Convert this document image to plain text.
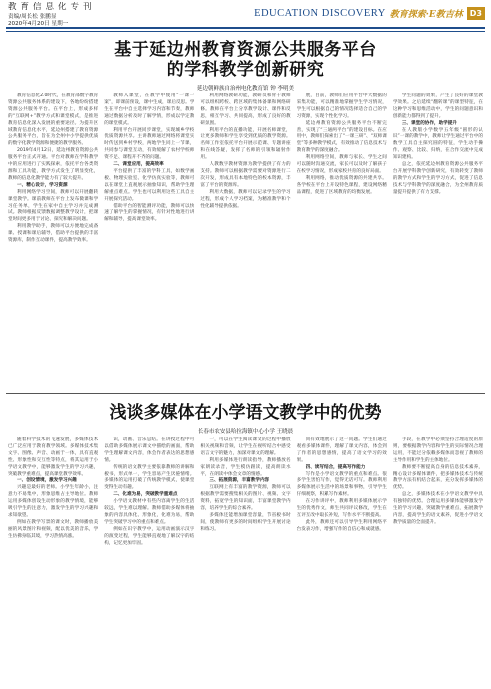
教育信息化专刊
责编/周长松 张鹏显
2020年4月20日 星期一
EDUCATION DISCOVERY 教育探索·E教吉林 D3
基于延边州教育资源公共服务平台
的学科教学创新研究
延边朝鲜族自治州电化教育馆 钟 李明美

教育信息化2.0时代，在教育部数字教育资源公共服务体系的建设下，各地纷纷搭建资源公共服务平台。在平台上，形成多样的“互联网+”教学方式和课堂模式，是推进教育信息化深入发展的重要途径。为提升区域教育信息化水平，延边州搭建了教育资源公共服务平台，旨在为全州中小学提供优质的数字化教学资源和便捷的教学服务。

2019年4月12日，延边州教育资源公共服务平台正式开通。平台对教师在学科教学中的应用进行了实践探索，依托平台各类资源和工具功能，教学方式发生了明显变化，教师的信息化教学能力有了较大提升。

一、精心设计，学习资源

利用网络学习空间，教师可以开展翻转课堂教学。课前教师在平台上发布微课和学习任务单，学生在家中自主学习并完成测试。教师根据反馈数据调整教学设计，把课堂时间更多用于讨论、探究和解决问题。

利用教学助手，教师可以方便地完成备课、授课和课后辅导，借助平台提供的丰富资源库，制作互动课件，提高教学效率。

教师入课堂，在教学中使用“一课一案”，即课前预设，课中生成，课后反思。学生在平台中自主选择学习内容和节奏，教师通过数据分析及时了解学情，形成以学定教的课堂模式。

利用平台开展同步课堂，实现城乡学校优质资源共享。主讲教师通过网络将课堂实时传送到乡村学校，两地学生同上一节课，共同参与课堂互动，有效缓解了农村学校师资不足、课程开不齐的问题。

二、课堂应用，提高效率

平台提供了丰富的学科工具，如数学画板、物理实验室、化学仿真实验等，教师可以在课堂上直观展示抽象知识，帮助学生理解重点难点。学生也可以利用这些工具自主开展探究活动。

借助平台的智能测评功能，教师可以快速了解学生的掌握情况，有针对性地进行讲解和辅导，提高课堂效率。

利用网络教研功能，教研员和骨干教师可以组织跨校、跨区域的集体备课和网络研修。教师在平台上分享教学设计、课件和反思，相互学习、共同提高，形成了良好的教研氛围。

利用平台的直播功能，开展名师课堂，让更多教师和学生享受到优质的教学资源。名师工作室依托平台开展示范课、专题讲座和在线答疑，发挥了名师的引领和辐射作用。

人教数字教材资源为教学提供了有力的支持。教师可以根据教学需要对资源进行二次开发，形成具有本地特色的校本资源，丰富了平台的资源库。

利用大数据，教师可以记录学生的学习过程，形成个人学习档案，为精准教学和个性化辅导提供依据。

展，目前，教师们应用平台中大数据的采集功能，可以精准地掌握学生学习情况，学生可以根据自己的情况选择适合自己的学习资源，实现个性化学习。

延边州教育资源公共服务平台不断完善，实现了“三通两平台”的建设目标。在应用中，教师们探索出了“一课三研”、“双师课堂”等多种教学模式，有效推动了信息技术与教育教学的深度融合。

利用网络空间，教师与家长、学生之间可以随时沟通交流，家长可以及时了解孩子在校学习情况，形成家校共育的良好局面。

利用网络，推动优质资源的共建共享。各学校在平台上开设特色课程，建设网络精品课程，促进了区域教育的均衡发展。

学生问题的效果，产生了良好的课堂教学效果。之后延续“翻转课”的课型特征，在这种学习和思维活动中，学生的问题意识和创新能力都得到了提升。

三、课堂的协作，助学提升

在人教版小学数学五年级“圆形的认识”一课的教学中，教师让学生通过平台中的数学工具自主探究圆的特征，学生动手操作、观察、比较、归纳，在合作交流中完成知识建构。

总之，依托延边州教育资源公共服务平台开展学科教学创新研究，有效转变了教师的教学方式和学生的学习方式，促进了信息技术与学科教学的深度融合，为全州教育质量提升提供了有力支撑。

浅谈多媒体在小学语文教学中的优势
长春市农安县哈拉海镇中心小学 王晓晨

随着科学技术的飞速发展，多媒体技术已广泛应用于教育教学领域。多媒体技术集文字、图像、声音、动画于一体，具有直观性、形象性和交互性等特点，将其运用于小学语文教学中，能够激发学生的学习兴趣，突破教学重难点，提高课堂教学效率。

一、创设情境，激发学习兴趣

兴趣是最好的老师。小学生年龄小，注意力不易集中，形象思维占主导地位。教师运用多媒体创设生动形象的教学情境，能够吸引学生的注意力，激发学生的学习兴趣和求知欲望。

例如在教学写景的课文时，教师播放美丽的风景图片和视频，配以优美的音乐，学生仿佛身临其境，学习热情高涨。

识，动画、音乐总结。在讲授过程中可以借助多媒体展示课文中描绘的画面，帮助学生理解课文内容，体会作者表达的思想感情。

传统的语文教学主要依靠教师的讲解和板书，形式单一，学生容易产生厌倦情绪。多媒体的运用打破了传统教学模式，使课堂变得生动有趣。

二、化难为易，突破教学重难点

小学语文教材中有些内容离学生的生活较远，学生难以理解。教师借助多媒体将抽象的内容具体化、形象化，化难为易，帮助学生突破学习中的重点和难点。

例如在识字教学中，运用动画演示汉字的演变过程，学生能够直观地了解汉字的结构，记忆更加牢固。

一，可以在学生阅读课文的过程中播放相关视频和音频，让学生在视听结合中感受语言文字的魅力，加深对课文的理解。

利用多媒体进行朗读指导，教师播放名家朗读录音，学生模仿跟读，提高朗读水平，在朗读中体会文章的情感。

三、拓展资源，丰富教学内容

互联网上有丰富的教学资源，教师可以根据教学需要搜集相关的图片、视频、文字资料，拓宽学生的知识面，丰富课堂教学内容，培养学生的综合素养。

多媒体还能增加课堂容量，节省板书时间，使教师有更多的时间组织学生开展讨论和练习。

同有效地展示了这一问题。学生们通过观看多媒体课件，理解了课文内容，体会到了作者的思想感情，提高了语文学习的效果。

四、读写结合，提高写作能力

写作是小学语文教学的重点和难点。很多学生害怕写作，觉得无话可写。教师利用多媒体展示生活中的场景和事物，引导学生仔细观察，积累写作素材。

在习作讲评中，教师利用多媒体展示学生的优秀作文，师生共同评议修改，学生在互评互改中取长补短，写作水平不断提高。

此外，教师还可以引导学生利用网络平台发表习作，增强写作的自信心和成就感。

手段，在教学中必须坚持合理适度的原则，要根据教学内容和学生的实际情况合理运用，不能过分依赖多媒体而忽视了教师的主导作用和学生的主体地位。

教师要不断提高自身的信息技术素养，精心设计多媒体课件，把多媒体技术与传统教学方法有机结合起来，充分发挥多媒体的优势。

总之，多媒体技术在小学语文教学中具有独特的优势。合理运用多媒体能够激发学生的学习兴趣，突破教学重难点，拓展教学内容，提高学生的语文素养，促进小学语文教学质量的全面提升。
